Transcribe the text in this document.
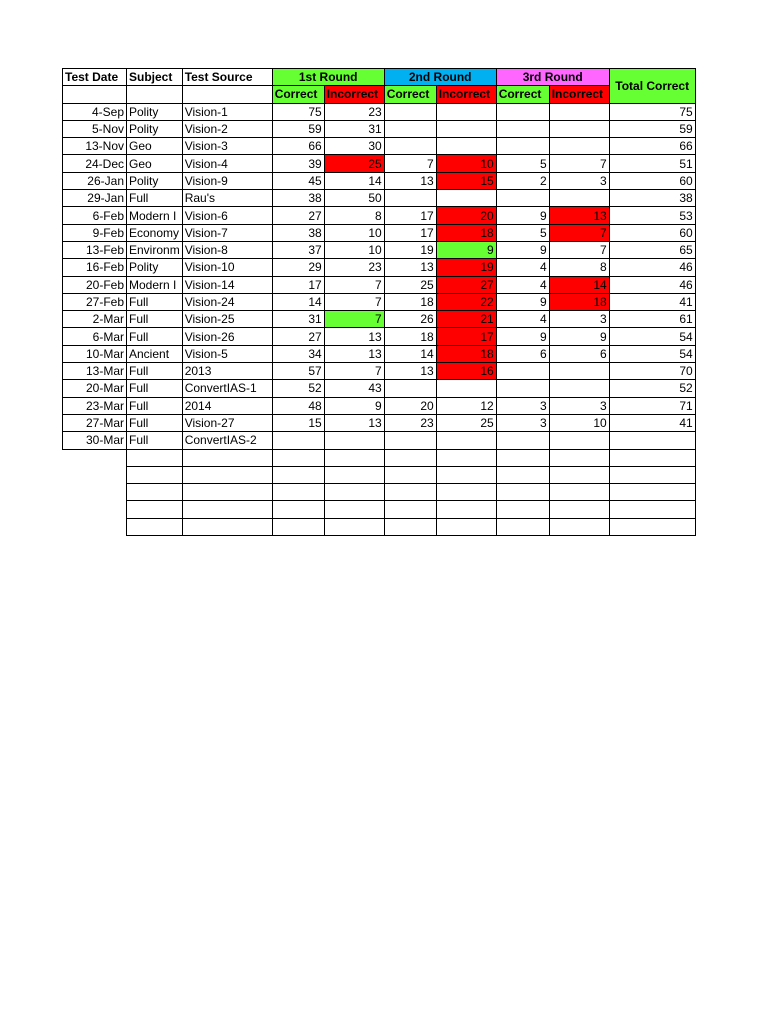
Test Date	Subject	Test Source	1st Round		2nd Round		3rd Round		Total Correct
			Correct	Incorrect	Correct	Incorrect	Correct	Incorrect	
4-Sep	Polity	Vision-1	75	23					75
5-Nov	Polity	Vision-2	59	31					59
13-Nov	Geo	Vision-3	66	30					66
24-Dec	Geo	Vision-4	39	25	7	10	5	7	51
26-Jan	Polity	Vision-9	45	14	13	15	2	3	60
29-Jan	Full	Rau's	38	50					38
6-Feb	Modern I	Vision-6	27	8	17	20	9	13	53
9-Feb	Economy	Vision-7	38	10	17	18	5	7	60
13-Feb	Environm	Vision-8	37	10	19	9	9	7	65
16-Feb	Polity	Vision-10	29	23	13	19	4	8	46
20-Feb	Modern I	Vision-14	17	7	25	27	4	14	46
27-Feb	Full	Vision-24	14	7	18	22	9	18	41
2-Mar	Full	Vision-25	31	7	26	21	4	3	61
6-Mar	Full	Vision-26	27	13	18	17	9	9	54
10-Mar	Ancient	Vision-5	34	13	14	18	6	6	54
13-Mar	Full	2013	57	7	13	16			70
20-Mar	Full	ConvertIAS-1	52	43					52
23-Mar	Full	2014	48	9	20	12	3	3	71
27-Mar	Full	Vision-27	15	13	23	25	3	10	41
30-Mar	Full	ConvertIAS-2							
